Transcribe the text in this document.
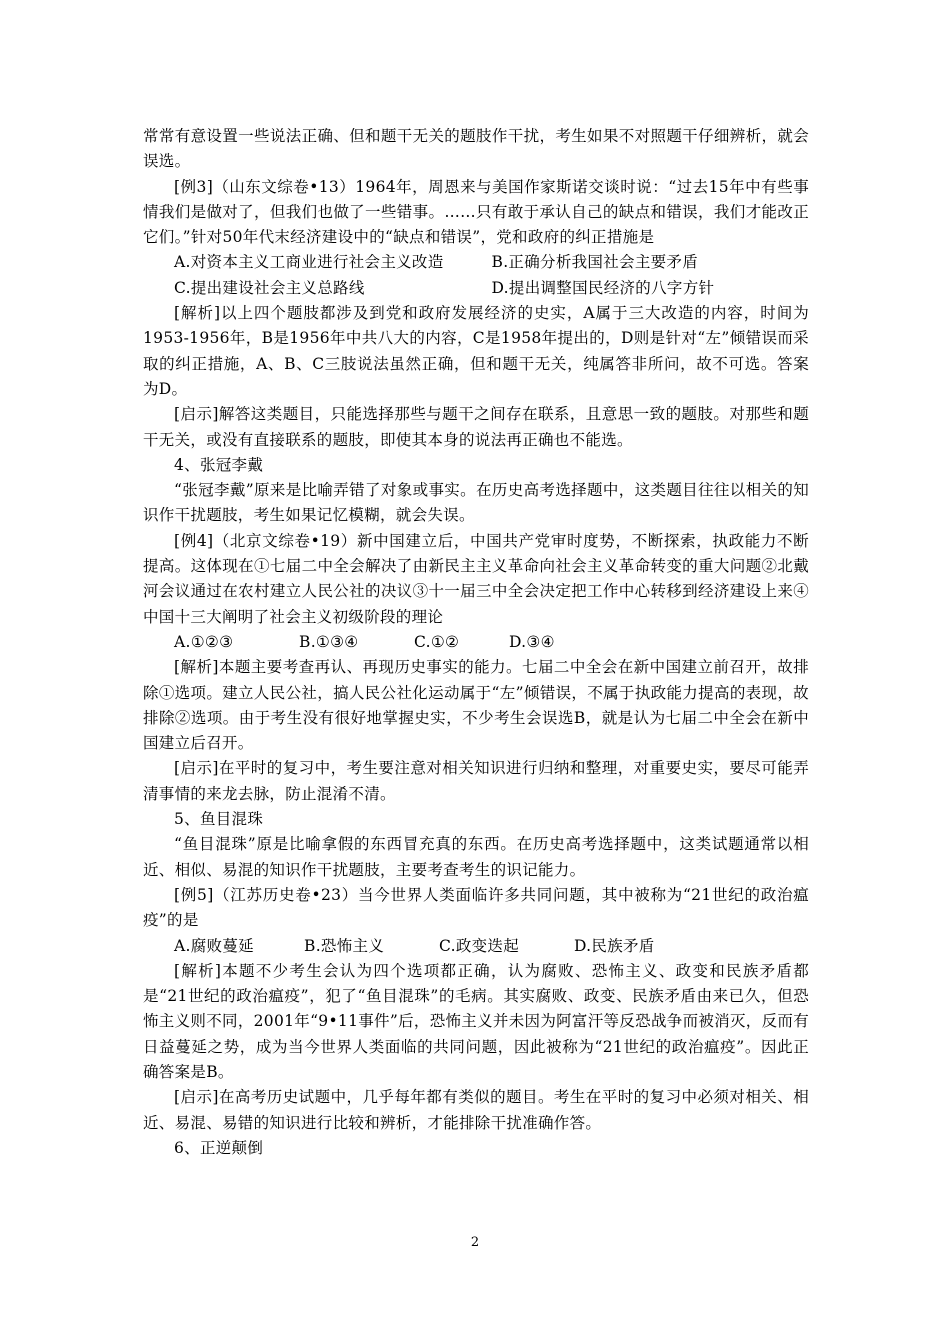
常常有意设置一些说法正确、但和题干无关的题肢作干扰，考生如果不对照题干仔细辨析，就会误选。

[例3]（山东文综卷•13）1964年，周恩来与美国作家斯诺交谈时说：“过去15年中有些事情我们是做对了，但我们也做了一些错事。……只有敢于承认自己的缺点和错误，我们才能改正它们。”针对50年代末经济建设中的“缺点和错误”，党和政府的纠正措施是

A.对资本主义工商业进行社会主义改造	B.正确分析我国社会主要矛盾
C.提出建设社会主义总路线	D.提出调整国民经济的八字方针

[解析]以上四个题肢都涉及到党和政府发展经济的史实，A属于三大改造的内容，时间为1953-1956年，B是1956年中共八大的内容，C是1958年提出的，D则是针对“左”倾错误而采取的纠正措施，A、B、C三肢说法虽然正确，但和题干无关，纯属答非所问，故不可选。答案为D。

[启示]解答这类题目，只能选择那些与题干之间存在联系，且意思一致的题肢。对那些和题干无关，或没有直接联系的题肢，即使其本身的说法再正确也不能选。

4、张冠李戴

“张冠李戴”原来是比喻弄错了对象或事实。在历史高考选择题中，这类题目往往以相关的知识作干扰题肢，考生如果记忆模糊，就会失误。

[例4]（北京文综卷•19）新中国建立后，中国共产党审时度势，不断探索，执政能力不断提高。这体现在①七届二中全会解决了由新民主主义革命向社会主义革命转变的重大问题②北戴河会议通过在农村建立人民公社的决议③十一届三中全会决定把工作中心转移到经济建设上来④中国十三大阐明了社会主义初级阶段的理论

A.①②③	B.①③④	C.①②	D.③④

[解析]本题主要考查再认、再现历史事实的能力。七届二中全会在新中国建立前召开，故排除①选项。建立人民公社，搞人民公社化运动属于“左”倾错误，不属于执政能力提高的表现，故排除②选项。由于考生没有很好地掌握史实，不少考生会误选B，就是认为七届二中全会在新中国建立后召开。

[启示]在平时的复习中，考生要注意对相关知识进行归纳和整理，对重要史实，要尽可能弄清事情的来龙去脉，防止混淆不清。

5、鱼目混珠

“鱼目混珠”原是比喻拿假的东西冒充真的东西。在历史高考选择题中，这类试题通常以相近、相似、易混的知识作干扰题肢，主要考查考生的识记能力。

[例5]（江苏历史卷•23）当今世界人类面临许多共同问题，其中被称为“21世纪的政治瘟疫”的是

A.腐败蔓延	B.恐怖主义	C.政变迭起	D.民族矛盾

[解析]本题不少考生会认为四个选项都正确，认为腐败、恐怖主义、政变和民族矛盾都是“21世纪的政治瘟疫”，犯了“鱼目混珠”的毛病。其实腐败、政变、民族矛盾由来已久，但恐怖主义则不同，2001年“9•11事件”后，恐怖主义并未因为阿富汗等反恐战争而被消灭，反而有日益蔓延之势，成为当今世界人类面临的共同问题，因此被称为“21世纪的政治瘟疫”。因此正确答案是B。

[启示]在高考历史试题中，几乎每年都有类似的题目。考生在平时的复习中必须对相关、相近、易混、易错的知识进行比较和辨析，才能排除干扰准确作答。

6、正逆颠倒

2
